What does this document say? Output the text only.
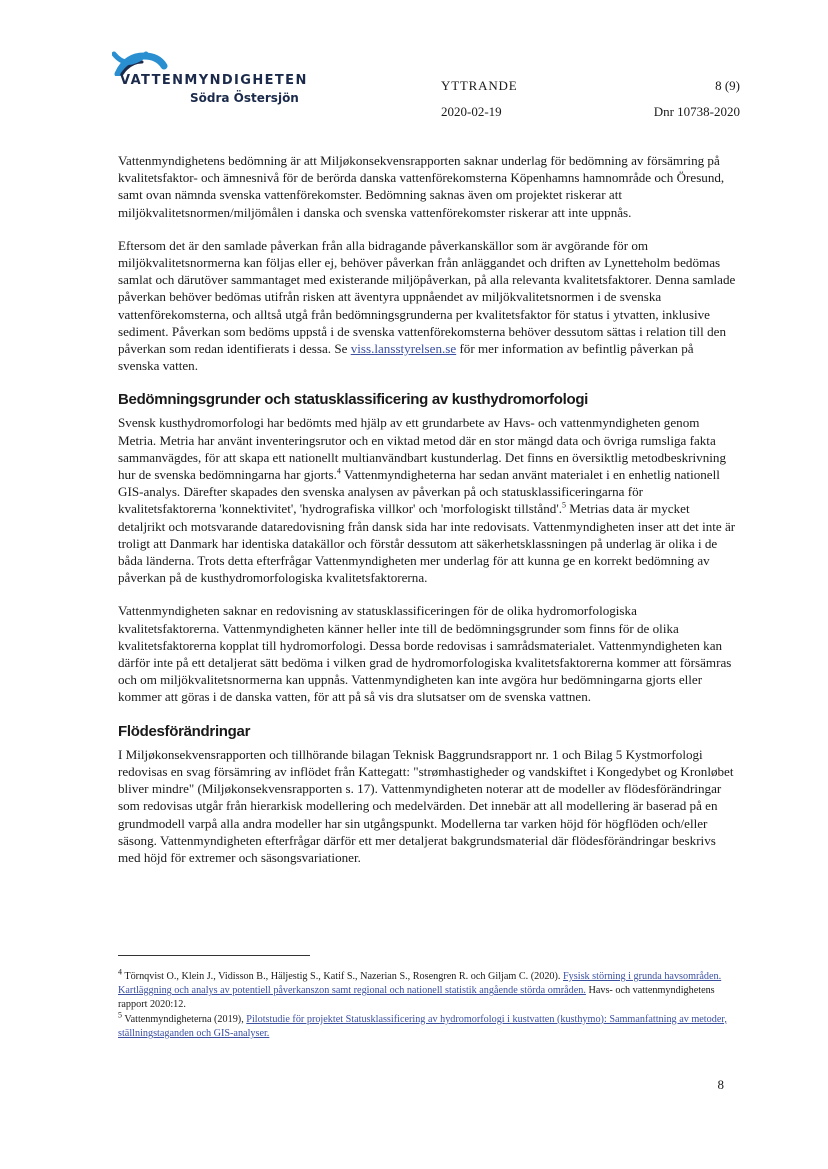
VATTENMYNDIGHETEN
Södra Östersjön
YTTRANDE	8 (9)
2020-02-19	Dnr 10738-2020

Vattenmyndighetens bedömning är att Miljøkonsekvensrapporten saknar underlag för bedömning av försämring på kvalitetsfaktor- och ämnesnivå för de berörda danska vattenförekomsterna Köpenhamns hamnområde och Öresund, samt ovan nämnda svenska vattenförekomster. Bedömning saknas även om projektet riskerar att miljökvalitetsnormen/miljömålen i danska och svenska vattenförekomster riskerar att inte uppnås.

Eftersom det är den samlade påverkan från alla bidragande påverkanskällor som är avgörande för om miljökvalitetsnormerna kan följas eller ej, behöver påverkan från anläggandet och driften av Lynetteholm bedömas samlat och därutöver sammantaget med existerande miljöpåverkan, på alla relevanta kvalitetsfaktorer. Denna samlade påverkan behöver bedömas utifrån risken att äventyra uppnåendet av miljökvalitetsnormen i de svenska vattenförekomsterna, och alltså utgå från bedömningsgrunderna per kvalitetsfaktor för status i ytvatten, inklusive sediment. Påverkan som bedöms uppstå i de svenska vattenförekomsterna behöver dessutom sättas i relation till den påverkan som redan identifierats i dessa. Se viss.lansstyrelsen.se för mer information av befintlig påverkan på svenska vatten.

Bedömningsgrunder och statusklassificering av kusthydromorfologi

Svensk kusthydromorfologi har bedömts med hjälp av ett grundarbete av Havs- och vattenmyndigheten genom Metria. Metria har använt inventeringsrutor och en viktad metod där en stor mängd data och övriga rumsliga fakta sammanvägdes, för att skapa ett nationellt multianvändbart kustunderlag. Det finns en översiktlig metodbeskrivning hur de svenska bedömningarna har gjorts.$^4$ Vattenmyndigheterna har sedan använt materialet i en enhetlig nationell GIS-analys. Därefter skapades den svenska analysen av påverkan på och statusklassificeringarna för kvalitetsfaktorerna 'konnektivitet', 'hydrografiska villkor' och 'morfologiskt tillstånd'.$^5$ Metrias data är mycket detaljrikt och motsvarande dataredovisning från dansk sida har inte redovisats. Vattenmyndigheten inser att det inte är troligt att Danmark har identiska datakällor och förstår dessutom att säkerhetsklassningen på underlag är olika i de båda länderna. Trots detta efterfrågar Vattenmyndigheten mer underlag för att kunna ge en korrekt bedömning av påverkan på de kusthydromorfologiska kvalitetsfaktorerna.

Vattenmyndigheten saknar en redovisning av statusklassificeringen för de olika hydromorfologiska kvalitetsfaktorerna. Vattenmyndigheten känner heller inte till de bedömningsgrunder som finns för de olika kvalitetsfaktorerna kopplat till hydromorfologi. Dessa borde redovisas i samrådsmaterialet. Vattenmyndigheten kan därför inte på ett detaljerat sätt bedöma i vilken grad de hydromorfologiska kvalitetsfaktorerna kommer att försämras och om miljökvalitetsnormerna kan uppnås. Vattenmyndigheten kan inte avgöra hur bedömningarna gjorts eller kommer att göras i de danska vatten, för att på så vis dra slutsatser om de svenska vattnen.

Flödesförändringar

I Miljøkonsekvensrapporten och tillhörande bilagan Teknisk Baggrundsrapport nr. 1 och Bilag 5 Kystmorfologi redovisas en svag försämring av inflödet från Kattegatt: "strømhastigheder og vandskiftet i Kongedybet og Kronløbet bliver mindre" (Miljøkonsekvensrapporten s. 17). Vattenmyndigheten noterar att de modeller av flödesförändringar som redovisas utgår från hierarkisk modellering och medelvärden. Det innebär att all modellering är baserad på en grundmodell varpå alla andra modeller har sin utgångspunkt. Modellerna tar varken höjd för högflöden och/eller säsong. Vattenmyndigheten efterfrågar därför ett mer detaljerat bakgrundsmaterial där flödesförändringar beskrivs med höjd för extremer och säsongsvariationer.

$^4$ Törnqvist O., Klein J., Vidisson B., Häljestig S., Katif S., Nazerian S., Rosengren R. och Giljam C. (2020). Fysisk störning i grunda havsområden. Kartläggning och analys av potentiell påverkanszon samt regional och nationell statistik angående störda områden. Havs- och vattenmyndighetens rapport 2020:12.
$^5$ Vattenmyndigheterna (2019), Pilotstudie för projektet Statusklassificering av hydromorfologi i kustvatten (kusthymo): Sammanfattning av metoder, ställningstaganden och GIS-analyser.
8
